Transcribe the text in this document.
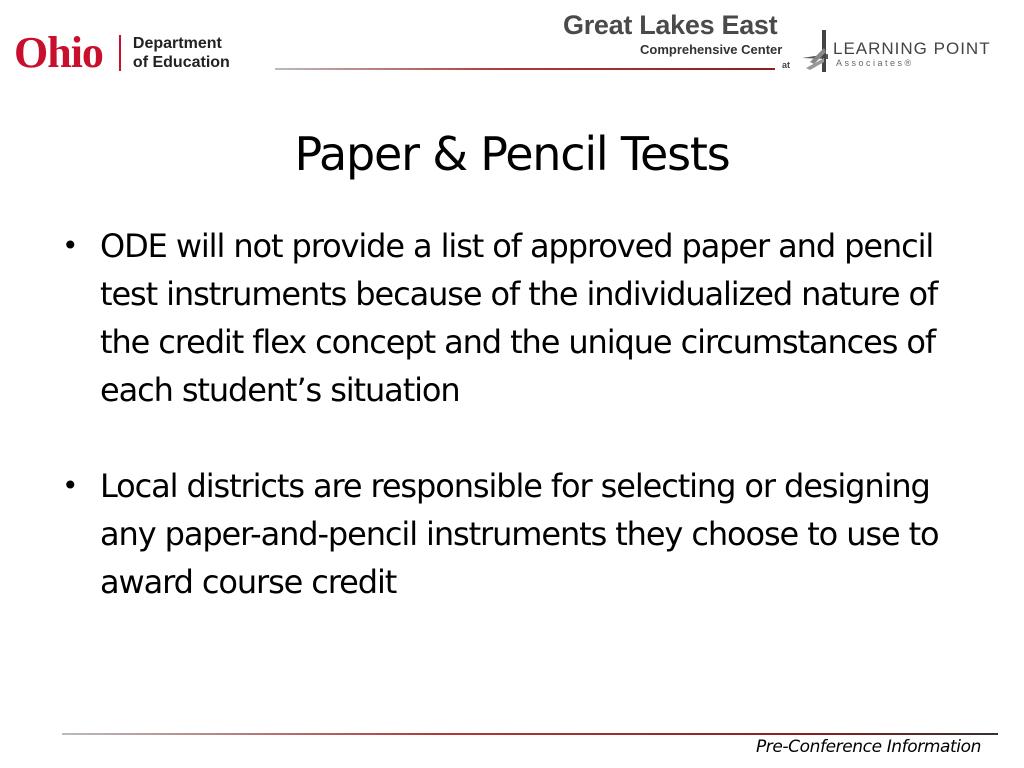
Ohio Department
of Education
Great Lakes East
Comprehensive Center
at
LEARNING POINT
Associates®
Paper & Pencil Tests
• ODE will not provide a list of approved paper and pencil test instruments because of the individualized nature of the credit flex concept and the unique circumstances of each student’s situation
• Local districts are responsible for selecting or designing any paper-and-pencil instruments they choose to use to award course credit
Pre-Conference Information
